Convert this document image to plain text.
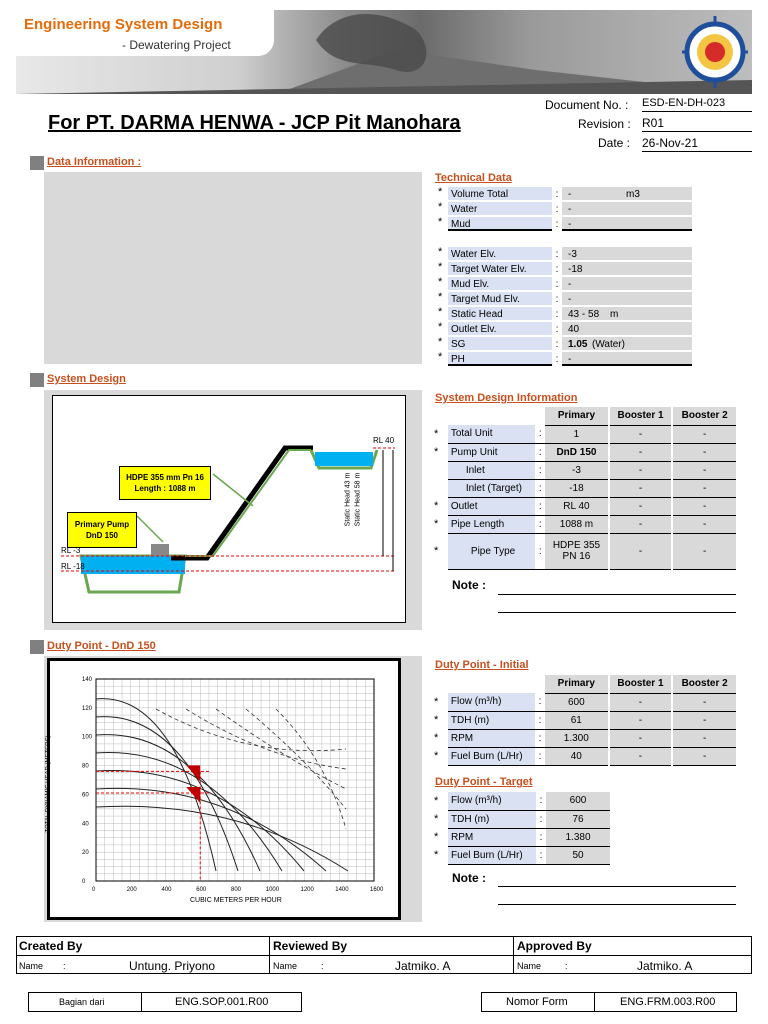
Engineering System Design
- Dewatering Project
For PT. DARMA HENWA - JCP Pit Manohara
Document No. : ESD-EN-DH-023
Revision : R01
Date : 26-Nov-21
Data Information :
Technical Data
* Volume Total	: -	m3
* Water	: -
* Mud	: -
* Water Elv.	: -3
* Target Water Elv.	: -18
* Mud Elv.	: -
* Target Mud Elv.	: -
* Static Head	: 43 - 58 m
* Outlet Elv.	: 40
* SG	: 1.05 (Water)
* PH	: -
System Design
HDPE 355 mm Pn 16
Length : 1088 m
Primary Pump
DnD 150
RL 40
RL -3
RL -18
Static Head 43 m Static Head 58 m
System Design Information
			Primary	Booster 1	Booster 2
*	Total Unit	:	1	-	-
*	Pump Unit	:	DnD 150	-	-
	Inlet	:	-3	-	-
	Inlet (Target)	:	-18	-	-
*	Outlet	:	RL 40	-	-
*	Pipe Length	:	1088 m	-	-
*	Pipe Type	:	HDPE 355 PN 16	-	-
Note :
Duty Point - DnD 150
0	200	400	600	800	1000	1200	1400	1600
140
120
100
80
60
40
20
0
CUBIC METERS PER HOUR
TOTAL DYNAMIC HEAD (METERS)
Duty Point - Initial
			Primary	Booster 1	Booster 2
*	Flow (m³/h)	:	600	-	-
*	TDH (m)	:	61	-	-
*	RPM	:	1.300	-	-
*	Fuel Burn (L/Hr)	:	40	-	-
Duty Point - Target
*	Flow (m³/h)	:	600
*	TDH (m)	:	76
*	RPM	:	1.380
*	Fuel Burn (L/Hr)	:	50
Note :
Created By	Reviewed By	Approved By
Name :	Untung. Priyono	Name	:	Jatmiko. A	Name	:	Jatmiko. A
Bagian dari	ENG.SOP.001.R00	Nomor Form	ENG.FRM.003.R00
